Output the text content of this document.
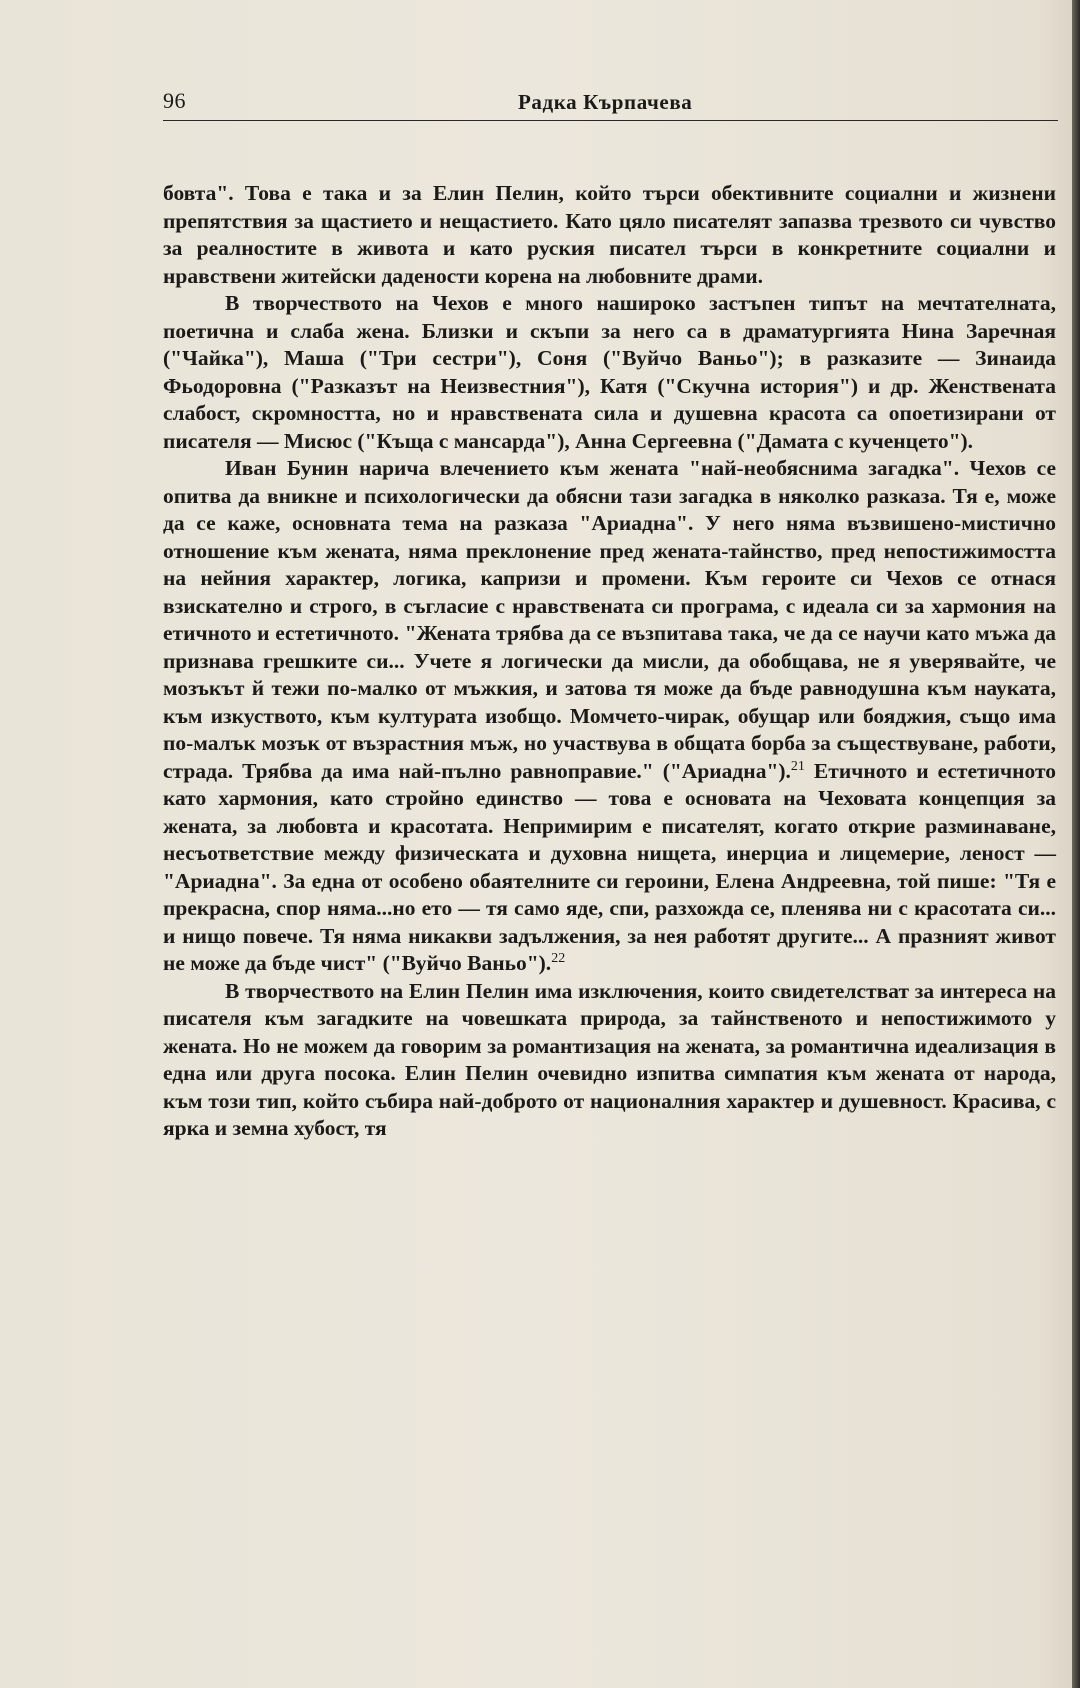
96	Радка Кърпачева

бовта". Това е така и за Елин Пелин, който търси обективните социални и жизнени препятствия за щастието и нещастието. Като цяло писателят запазва трезвото си чувство за реалностите в живота и като руския писател търси в конкретните социални и нравствени житейски дадености корена на любовните драми.

В творчеството на Чехов е много нашироко застъпен типът на мечтателната, поетична и слаба жена. Близки и скъпи за него са в драматургията Нина Заречная ("Чайка"), Маша ("Три сестри"), Соня ("Вуйчо Ваньо"); в разказите — Зинаида Фьодоровна ("Разказът на Неизвестния"), Катя ("Скучна история") и др. Женствената слабост, скромността, но и нравствената сила и душевна красота са опоетизирани от писателя — Мисюс ("Къща с мансарда"), Анна Сергеевна ("Дамата с кученцето").

Иван Бунин нарича влечението към жената "най-необяснима загадка". Чехов се опитва да вникне и психологически да обясни тази загадка в няколко разказа. Тя е, може да се каже, основната тема на разказа "Ариадна". У него няма възвишено-мистично отношение към жената, няма преклонение пред жената-тайнство, пред непостижимостта на нейния характер, логика, капризи и промени. Към героите си Чехов се отнася взискателно и строго, в съгласие с нравствената си програма, с идеала си за хармония на етичното и естетичното. "Жената трябва да се възпитава така, че да се научи като мъжа да признава грешките си... Учете я логически да мисли, да обобщава, не я уверявайте, че мозъкът й тежи по-малко от мъжкия, и затова тя може да бъде равнодушна към науката, към изкуството, към културата изобщо. Момчето-чирак, обущар или бояджия, също има по-малък мозък от възрастния мъж, но участвува в общата борба за съществуване, работи, страда. Трябва да има най-пълно равноправие." ("Ариадна").$^{21}$ Етичното и естетичното като хармония, като стройно единство — това е основата на Чеховата концепция за жената, за любовта и красотата. Непримирим е писателят, когато открие разминаване, несъответствие между физическата и духовна нищета, инерциа и лицемерие, леност — "Ариадна". За една от особено обаятелните си героини, Елена Андреевна, той пише: "Тя е прекрасна, спор няма...но ето — тя само яде, спи, разхожда се, пленява ни с красотата си... и нищо повече. Тя няма никакви задължения, за нея работят другите... А празният живот не може да бъде чист" ("Вуйчо Ваньо").$^{22}$

В творчеството на Елин Пелин има изключения, които свидетелстват за интереса на писателя към загадките на човешката природа, за тайнственото и непостижимото у жената. Но не можем да говорим за романтизация на жената, за романтична идеализация в една или друга посока. Елин Пелин очевидно изпитва симпатия към жената от народа, към този тип, който събира най-доброто от националния характер и душевност. Красива, с ярка и земна хубост, тя
